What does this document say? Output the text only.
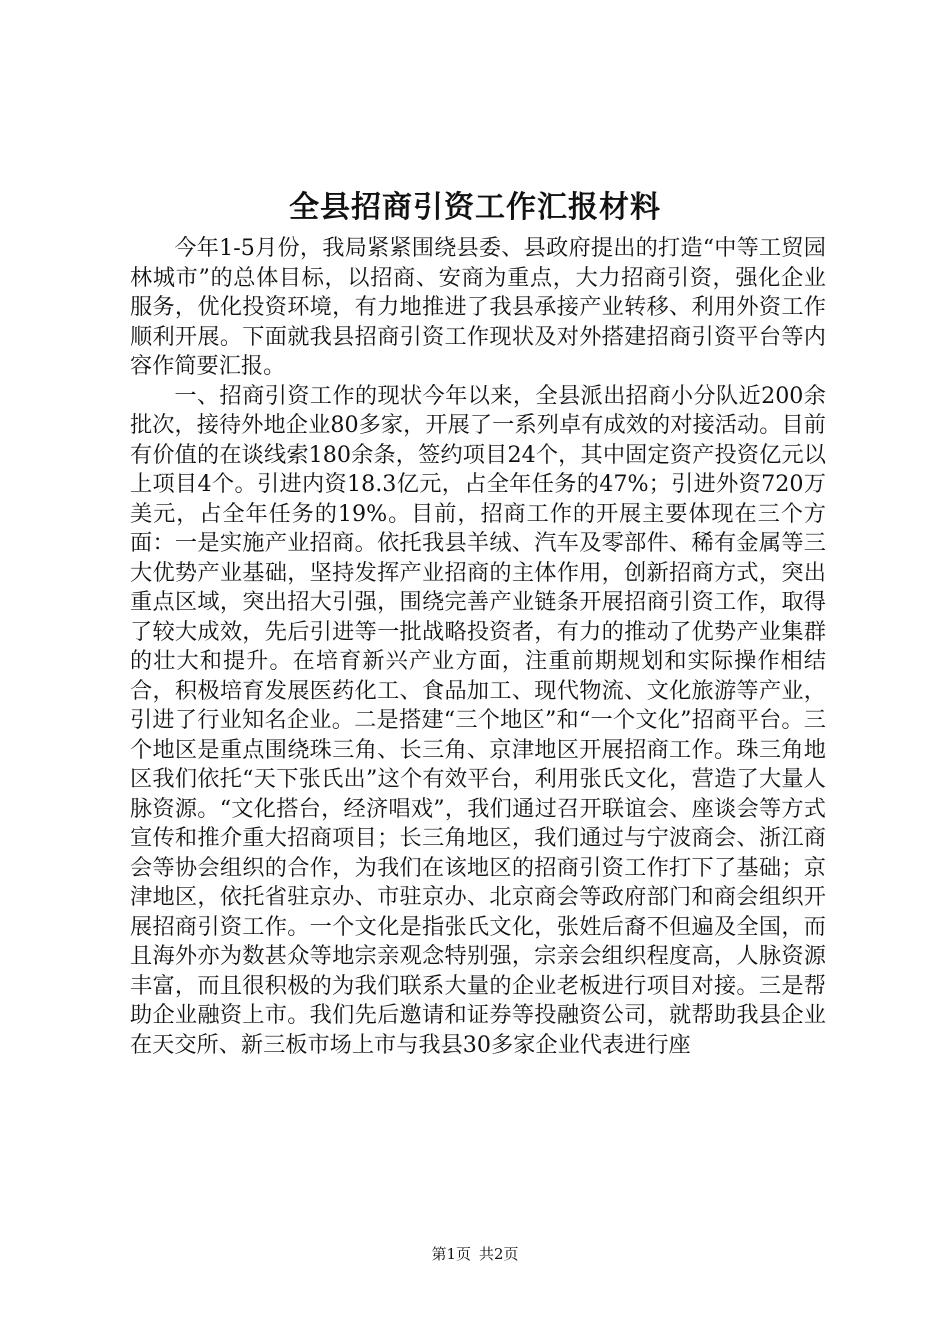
全县招商引资工作汇报材料

今年1-5月份，我局紧紧围绕县委、县政府提出的打造“中等工贸园林城市”的总体目标，以招商、安商为重点，大力招商引资，强化企业服务，优化投资环境，有力地推进了我县承接产业转移、利用外资工作顺利开展。下面就我县招商引资工作现状及对外搭建招商引资平台等内容作简要汇报。

一、招商引资工作的现状今年以来，全县派出招商小分队近200余批次，接待外地企业80多家，开展了一系列卓有成效的对接活动。目前有价值的在谈线索180余条，签约项目24个，其中固定资产投资亿元以上项目4个。引进内资18.3亿元，占全年任务的47%；引进外资720万美元，占全年任务的19%。目前，招商工作的开展主要体现在三个方面：一是实施产业招商。依托我县羊绒、汽车及零部件、稀有金属等三大优势产业基础，坚持发挥产业招商的主体作用，创新招商方式，突出重点区域，突出招大引强，围绕完善产业链条开展招商引资工作，取得了较大成效，先后引进等一批战略投资者，有力的推动了优势产业集群的壮大和提升。在培育新兴产业方面，注重前期规划和实际操作相结合，积极培育发展医药化工、食品加工、现代物流、文化旅游等产业，引进了行业知名企业。二是搭建“三个地区”和“一个文化”招商平台。三个地区是重点围绕珠三角、长三角、京津地区开展招商工作。珠三角地区我们依托“天下张氏出”这个有效平台，利用张氏文化，营造了大量人脉资源。“文化搭台，经济唱戏”，我们通过召开联谊会、座谈会等方式宣传和推介重大招商项目；长三角地区，我们通过与宁波商会、浙江商会等协会组织的合作，为我们在该地区的招商引资工作打下了基础；京津地区，依托省驻京办、市驻京办、北京商会等政府部门和商会组织开展招商引资工作。一个文化是指张氏文化，张姓后裔不但遍及全国，而且海外亦为数甚众等地宗亲观念特别强，宗亲会组织程度高，人脉资源丰富，而且很积极的为我们联系大量的企业老板进行项目对接。三是帮助企业融资上市。我们先后邀请和证券等投融资公司，就帮助我县企业在天交所、新三板市场上市与我县30多家企业代表进行座

第1页 共2页
